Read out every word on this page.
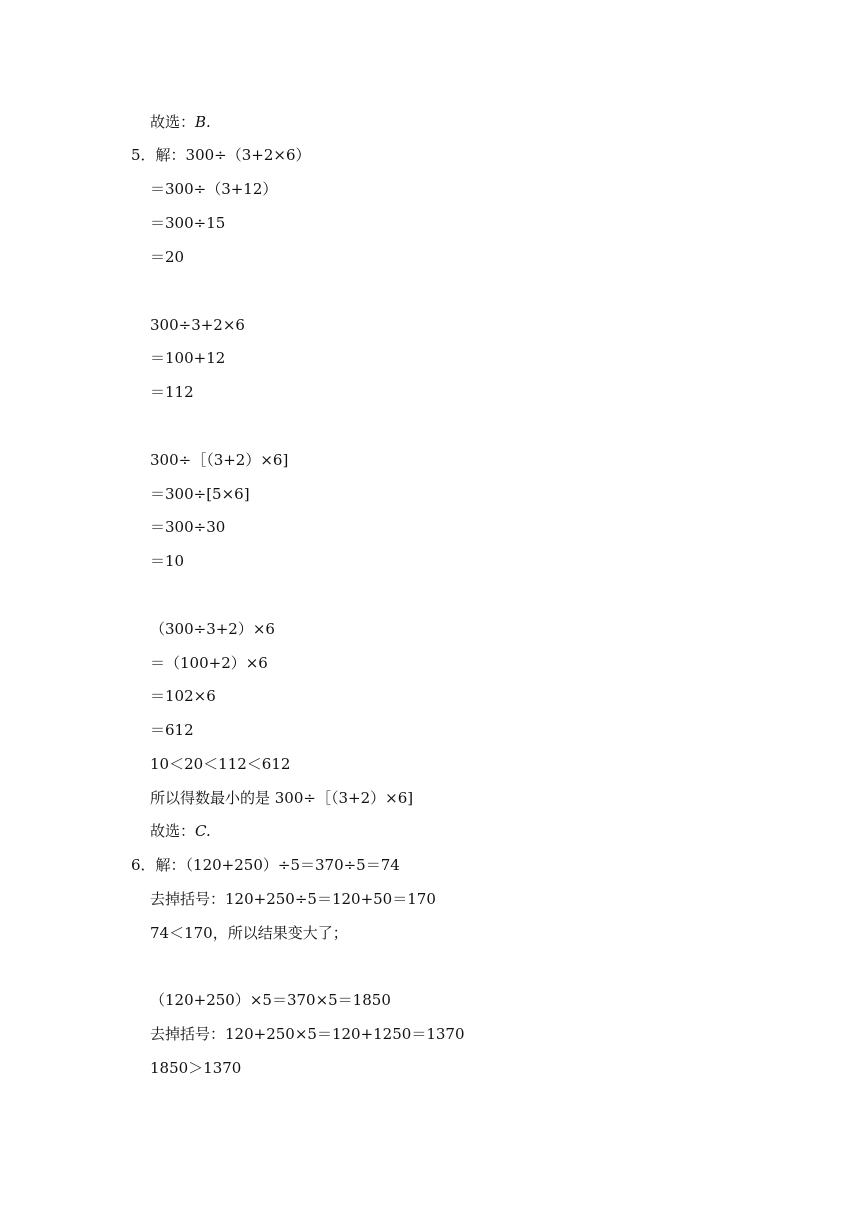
故选：B.
5．解：300÷（3+2×6）
＝300÷（3+12）
＝300÷15
＝20
300÷3+2×6
＝100+12
＝112
300÷［（3+2）×6]
＝300÷[5×6]
＝300÷30
＝10
（300÷3+2）×6
＝（100+2）×6
＝102×6
＝612
10＜20＜112＜612
所以得数最小的是 300÷［（3+2）×6]
故选：C.
6．解：（120+250）÷5＝370÷5＝74
去掉括号：120+250÷5＝120+50＝170
74＜170，所以结果变大了；
（120+250）×5＝370×5＝1850
去掉括号：120+250×5＝120+1250＝1370
1850＞1370
